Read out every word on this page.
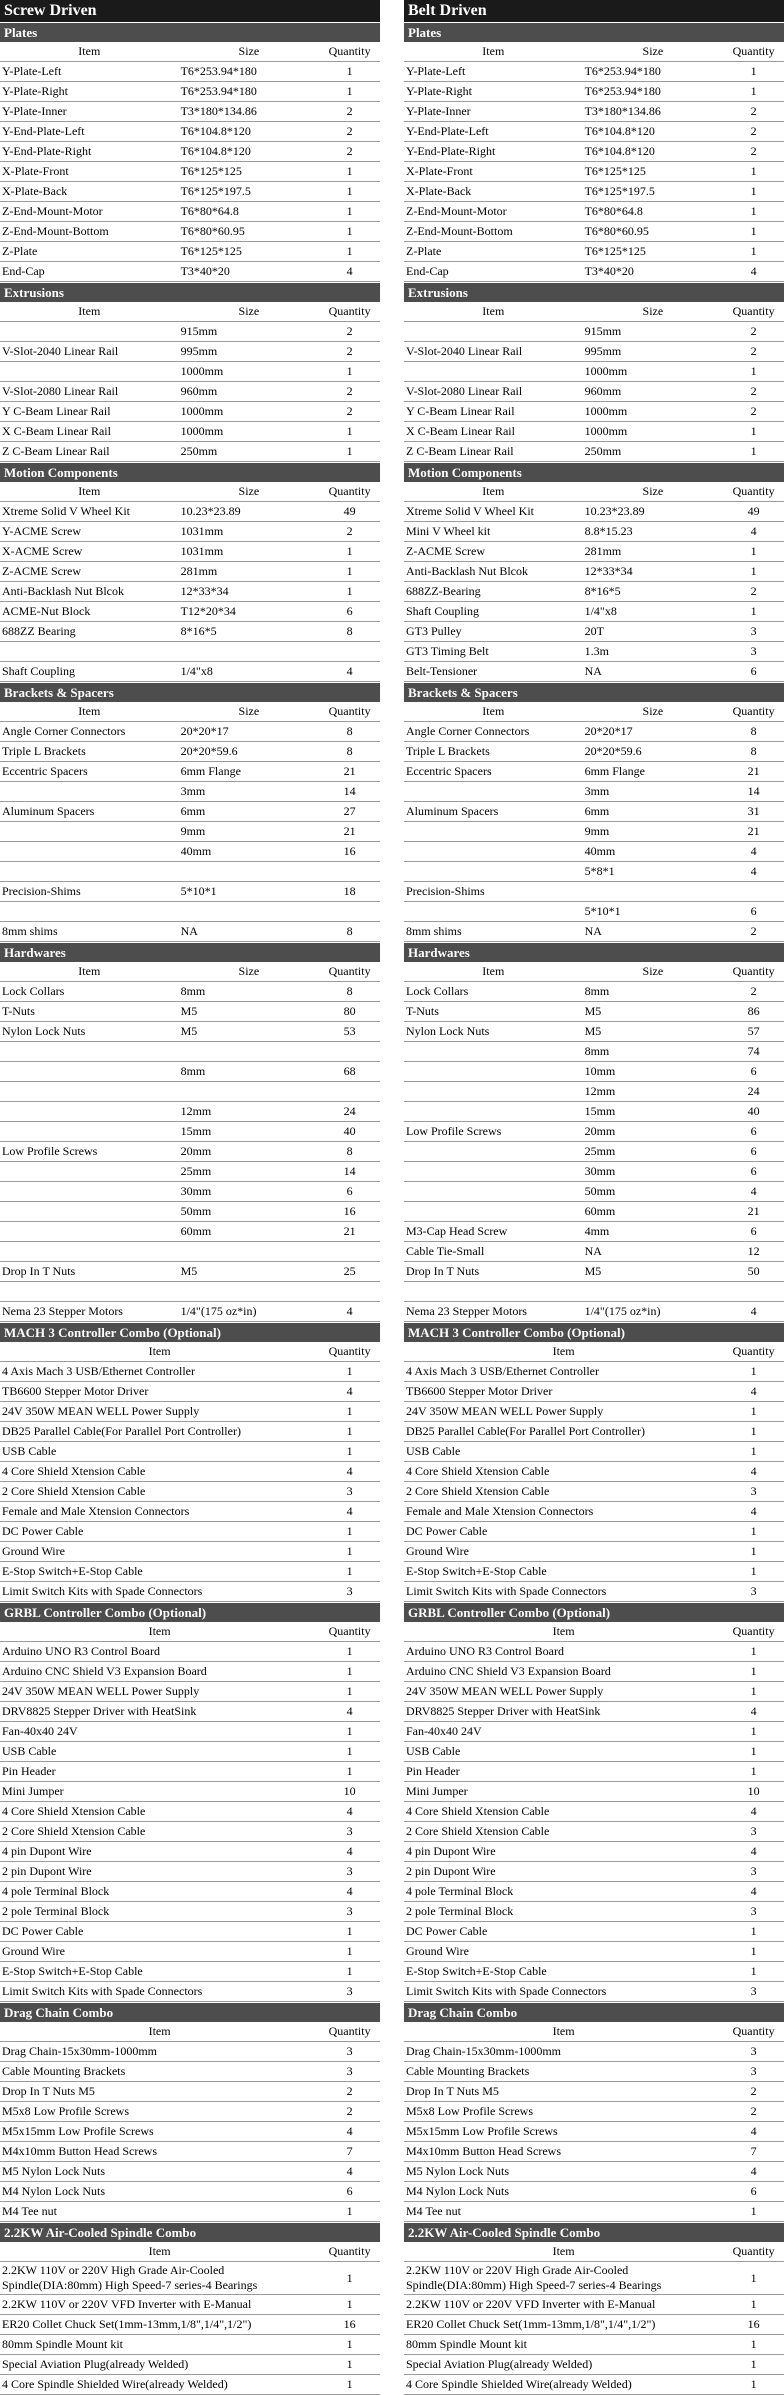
Screw Driven
Plates
Item	Size	Quantity
Y-Plate-Left	T6*253.94*180	1
Y-Plate-Right	T6*253.94*180	1
Y-Plate-Inner	T3*180*134.86	2
Y-End-Plate-Left	T6*104.8*120	2
Y-End-Plate-Right	T6*104.8*120	2
X-Plate-Front	T6*125*125	1
X-Plate-Back	T6*125*197.5	1
Z-End-Mount-Motor	T6*80*64.8	1
Z-End-Mount-Bottom	T6*80*60.95	1
Z-Plate	T6*125*125	1
End-Cap	T3*40*20	4
Extrusions
Item	Size	Quantity
	915mm	2
V-Slot-2040 Linear Rail	995mm	2
	1000mm	1
V-Slot-2080 Linear Rail	960mm	2
Y C-Beam Linear Rail	1000mm	2
X C-Beam Linear Rail	1000mm	1
Z C-Beam Linear Rail	250mm	1
Motion Components
Item	Size	Quantity
Xtreme Solid V Wheel Kit	10.23*23.89	49
Y-ACME Screw	1031mm	2
X-ACME Screw	1031mm	1
Z-ACME Screw	281mm	1
Anti-Backlash Nut Blcok	12*33*34	1
ACME-Nut Block	T12*20*34	6
688ZZ Bearing	8*16*5	8

Shaft Coupling	1/4"x8	4
Brackets & Spacers
Item	Size	Quantity
Angle Corner Connectors	20*20*17	8
Triple L Brackets	20*20*59.6	8
Eccentric Spacers	6mm Flange	21
	3mm	14
Aluminum Spacers	6mm	27
	9mm	21
	40mm	16

Precision-Shims	5*10*1	18

8mm shims	NA	8
Hardwares
Item	Size	Quantity
Lock Collars	8mm	8
T-Nuts	M5	80
Nylon Lock Nuts	M5	53

	8mm	68

	12mm	24
	15mm	40
Low Profile Screws	20mm	8
	25mm	14
	30mm	6
	50mm	16
	60mm	21

Drop In T Nuts	M5	25

Nema 23 Stepper Motors	1/4"(175 oz*in)	4
MACH 3 Controller Combo (Optional)
Item	Quantity
4 Axis Mach 3 USB/Ethernet Controller	1
TB6600 Stepper Motor Driver	4
24V 350W MEAN WELL Power Supply	1
DB25 Parallel Cable(For Parallel Port Controller)	1
USB Cable	1
4 Core Shield Xtension Cable	4
2 Core Shield Xtension Cable	3
Female and Male Xtension Connectors	4
DC Power Cable	1
Ground Wire	1
E-Stop Switch+E-Stop Cable	1
Limit Switch Kits with Spade Connectors	3
GRBL Controller Combo (Optional)
Item	Quantity
Arduino UNO R3 Control Board	1
Arduino CNC Shield V3 Expansion Board	1
24V 350W MEAN WELL Power Supply	1
DRV8825 Stepper Driver with HeatSink	4
Fan-40x40 24V	1
USB Cable	1
Pin Header	1
Mini Jumper	10
4 Core Shield Xtension Cable	4
2 Core Shield Xtension Cable	3
4 pin Dupont Wire	4
2 pin Dupont Wire	3
4 pole Terminal Block	4
2 pole Terminal Block	3
DC Power Cable	1
Ground Wire	1
E-Stop Switch+E-Stop Cable	1
Limit Switch Kits with Spade Connectors	3
Drag Chain Combo
Item	Quantity
Drag Chain-15x30mm-1000mm	3
Cable Mounting Brackets	3
Drop In T Nuts M5	2
M5x8 Low Profile Screws	2
M5x15mm Low Profile Screws	4
M4x10mm Button Head Screws	7
M5 Nylon Lock Nuts	4
M4 Nylon Lock Nuts	6
M4 Tee nut	1
2.2KW Air-Cooled Spindle Combo
Item	Quantity
2.2KW 110V or 220V High Grade Air-Cooled Spindle(DIA:80mm) High Speed-7 series-4 Bearings	1
2.2KW 110V or 220V VFD Inverter with E-Manual	1
ER20 Collet Chuck Set(1mm-13mm,1/8",1/4",1/2")	16
80mm Spindle Mount kit	1
Special Aviation Plug(already Welded)	1
4 Core Spindle Shielded Wire(already Welded)	1
Belt Driven
Plates
Item	Size	Quantity
Y-Plate-Left	T6*253.94*180	1
Y-Plate-Right	T6*253.94*180	1
Y-Plate-Inner	T3*180*134.86	2
Y-End-Plate-Left	T6*104.8*120	2
Y-End-Plate-Right	T6*104.8*120	2
X-Plate-Front	T6*125*125	1
X-Plate-Back	T6*125*197.5	1
Z-End-Mount-Motor	T6*80*64.8	1
Z-End-Mount-Bottom	T6*80*60.95	1
Z-Plate	T6*125*125	1
End-Cap	T3*40*20	4
Extrusions
Item	Size	Quantity
	915mm	2
V-Slot-2040 Linear Rail	995mm	2
	1000mm	1
V-Slot-2080 Linear Rail	960mm	2
Y C-Beam Linear Rail	1000mm	2
X C-Beam Linear Rail	1000mm	1
Z C-Beam Linear Rail	250mm	1
Motion Components
Item	Size	Quantity
Xtreme Solid V Wheel Kit	10.23*23.89	49
Mini V Wheel kit	8.8*15.23	4
Z-ACME Screw	281mm	1
Anti-Backlash Nut Blcok	12*33*34	1
688ZZ-Bearing	8*16*5	2
Shaft Coupling	1/4"x8	1
GT3 Pulley	20T	3
GT3 Timing Belt	1.3m	3
Belt-Tensioner	NA	6
Brackets & Spacers
Item	Size	Quantity
Angle Corner Connectors	20*20*17	8
Triple L Brackets	20*20*59.6	8
Eccentric Spacers	6mm Flange	21
	3mm	14
Aluminum Spacers	6mm	31
	9mm	21
	40mm	4
	5*8*1	4
Precision-Shims		
	5*10*1	6
8mm shims	NA	2
Hardwares
Item	Size	Quantity
Lock Collars	8mm	2
T-Nuts	M5	86
Nylon Lock Nuts	M5	57
	8mm	74
	10mm	6
	12mm	24
	15mm	40
Low Profile Screws	20mm	6
	25mm	6
	30mm	6
	50mm	4
	60mm	21
M3-Cap Head Screw	4mm	6
Cable Tie-Small	NA	12
Drop In T Nuts	M5	50

Nema 23 Stepper Motors	1/4"(175 oz*in)	4
MACH 3 Controller Combo (Optional)
Item	Quantity
4 Axis Mach 3 USB/Ethernet Controller	1
TB6600 Stepper Motor Driver	4
24V 350W MEAN WELL Power Supply	1
DB25 Parallel Cable(For Parallel Port Controller)	1
USB Cable	1
4 Core Shield Xtension Cable	4
2 Core Shield Xtension Cable	3
Female and Male Xtension Connectors	4
DC Power Cable	1
Ground Wire	1
E-Stop Switch+E-Stop Cable	1
Limit Switch Kits with Spade Connectors	3
GRBL Controller Combo (Optional)
Item	Quantity
Arduino UNO R3 Control Board	1
Arduino CNC Shield V3 Expansion Board	1
24V 350W MEAN WELL Power Supply	1
DRV8825 Stepper Driver with HeatSink	4
Fan-40x40 24V	1
USB Cable	1
Pin Header	1
Mini Jumper	10
4 Core Shield Xtension Cable	4
2 Core Shield Xtension Cable	3
4 pin Dupont Wire	4
2 pin Dupont Wire	3
4 pole Terminal Block	4
2 pole Terminal Block	3
DC Power Cable	1
Ground Wire	1
E-Stop Switch+E-Stop Cable	1
Limit Switch Kits with Spade Connectors	3
Drag Chain Combo
Item	Quantity
Drag Chain-15x30mm-1000mm	3
Cable Mounting Brackets	3
Drop In T Nuts M5	2
M5x8 Low Profile Screws	2
M5x15mm Low Profile Screws	4
M4x10mm Button Head Screws	7
M5 Nylon Lock Nuts	4
M4 Nylon Lock Nuts	6
M4 Tee nut	1
2.2KW Air-Cooled Spindle Combo
Item	Quantity
2.2KW 110V or 220V High Grade Air-Cooled Spindle(DIA:80mm) High Speed-7 series-4 Bearings	1
2.2KW 110V or 220V VFD Inverter with E-Manual	1
ER20 Collet Chuck Set(1mm-13mm,1/8",1/4",1/2")	16
80mm Spindle Mount kit	1
Special Aviation Plug(already Welded)	1
4 Core Spindle Shielded Wire(already Welded)	1
